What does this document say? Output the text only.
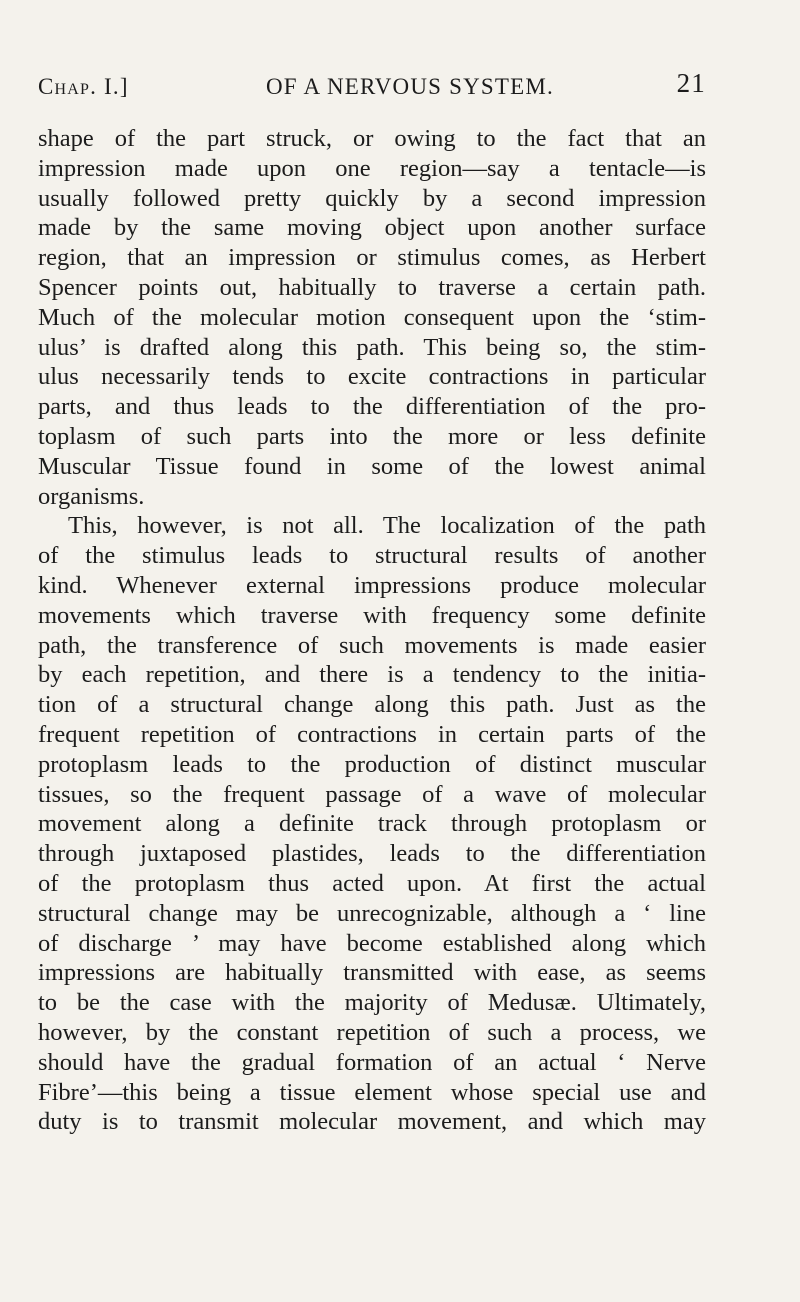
Chap. I.]	OF A NERVOUS SYSTEM.	21
shape of the part struck, or owing to the fact that an
impression made upon one region—say a tentacle—is
usually followed pretty quickly by a second impression
made by the same moving object upon another surface
region, that an impression or stimulus comes, as Herbert
Spencer points out, habitually to traverse a certain path.
Much of the molecular motion consequent upon the ‘stim-
ulus’ is drafted along this path. This being so, the stim-
ulus necessarily tends to excite contractions in particular
parts, and thus leads to the differentiation of the pro-
toplasm of such parts into the more or less definite
Muscular Tissue found in some of the lowest animal
organisms.
This, however, is not all. The localization of the path
of the stimulus leads to structural results of another
kind. Whenever external impressions produce molecular
movements which traverse with frequency some definite
path, the transference of such movements is made easier
by each repetition, and there is a tendency to the initia-
tion of a structural change along this path. Just as the
frequent repetition of contractions in certain parts of the
protoplasm leads to the production of distinct muscular
tissues, so the frequent passage of a wave of molecular
movement along a definite track through protoplasm or
through juxtaposed plastides, leads to the differentiation
of the protoplasm thus acted upon. At first the actual
structural change may be unrecognizable, although a ‘ line
of discharge ’ may have become established along which
impressions are habitually transmitted with ease, as seems
to be the case with the majority of Medusæ. Ultimately,
however, by the constant repetition of such a process, we
should have the gradual formation of an actual ‘ Nerve
Fibre’—this being a tissue element whose special use and
duty is to transmit molecular movement, and which may
